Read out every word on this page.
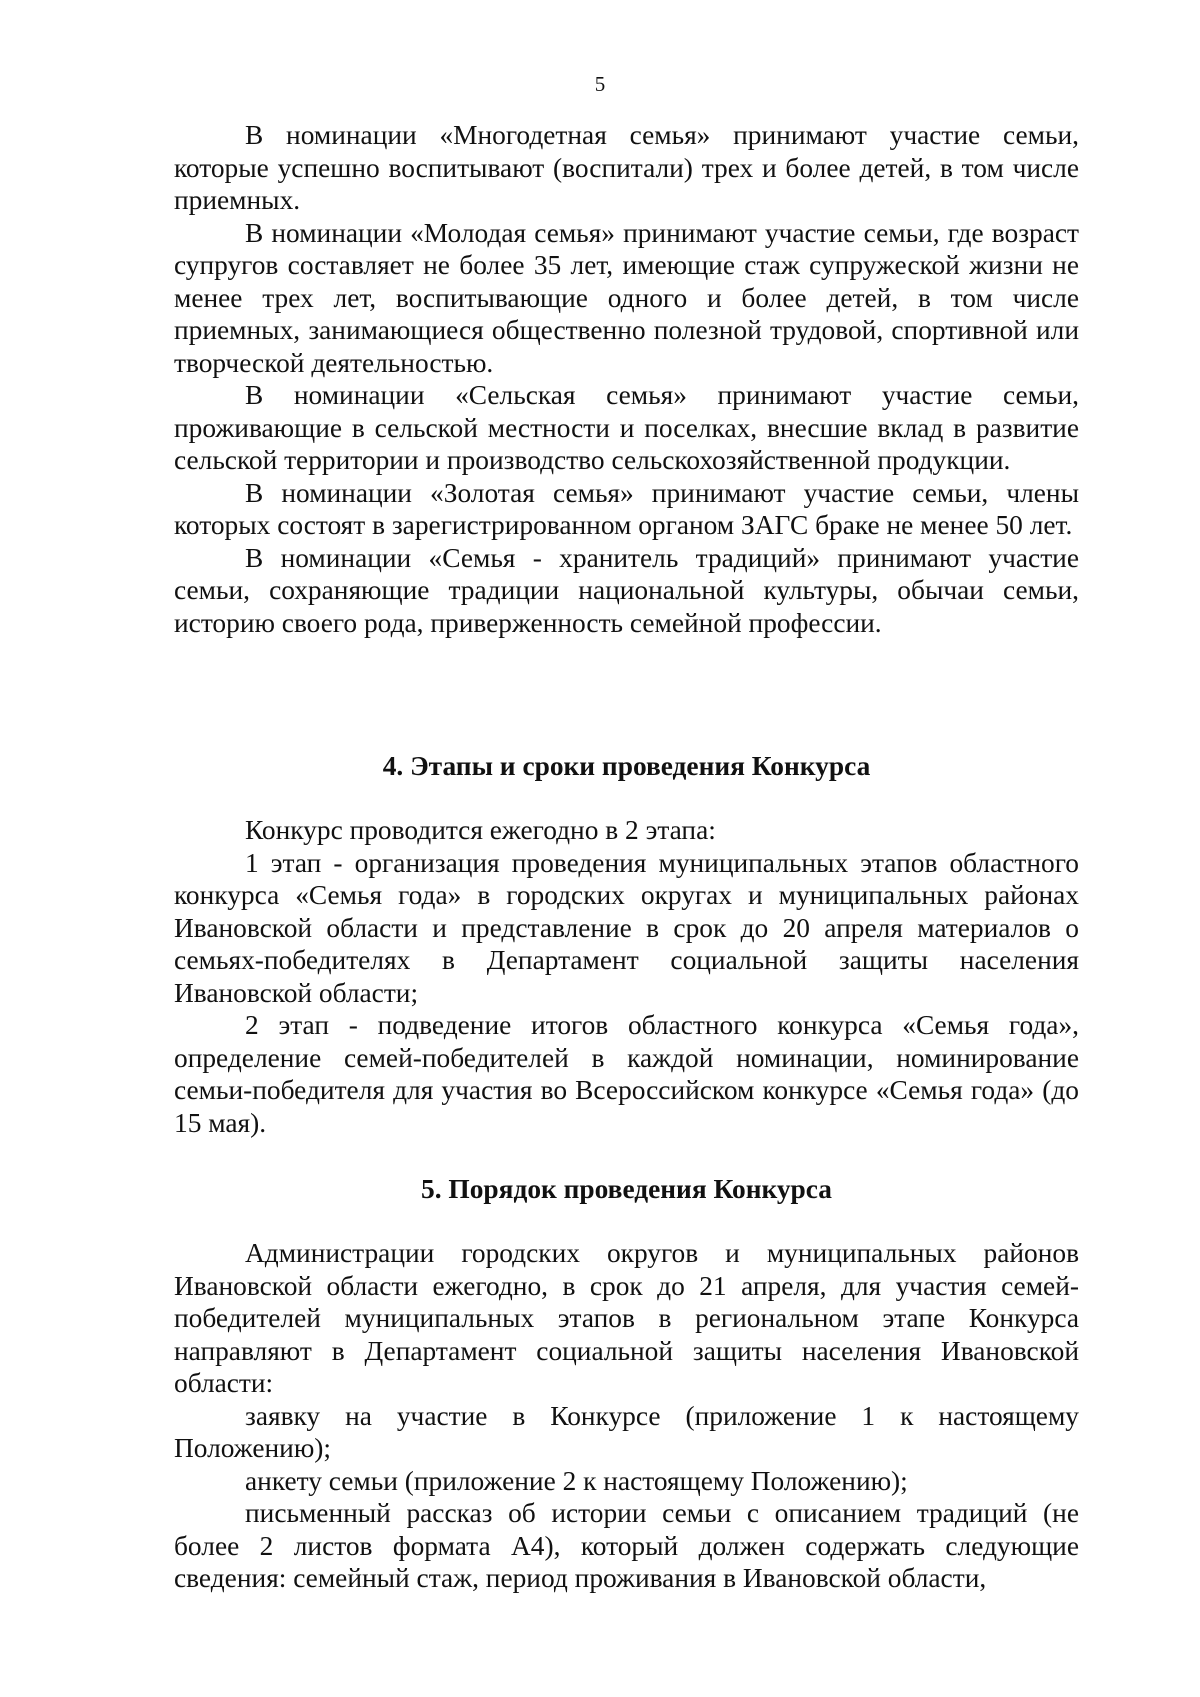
5

В номинации «Многодетная семья» принимают участие семьи, которые успешно воспитывают (воспитали) трех и более детей, в том числе приемных.

В номинации «Молодая семья» принимают участие семьи, где возраст супругов составляет не более 35 лет, имеющие стаж супружеской жизни не менее трех лет, воспитывающие одного и более детей, в том числе приемных, занимающиеся общественно полезной трудовой, спортивной или творческой деятельностью.

В номинации «Сельская семья» принимают участие семьи, проживающие в сельской местности и поселках, внесшие вклад в развитие сельской территории и производство сельскохозяйственной продукции.

В номинации «Золотая семья» принимают участие семьи, члены которых состоят в зарегистрированном органом ЗАГС браке не менее 50 лет.

В номинации «Семья - хранитель традиций» принимают участие семьи, сохраняющие традиции национальной культуры, обычаи семьи, историю своего рода, приверженность семейной профессии.

4. Этапы и сроки проведения Конкурса

Конкурс проводится ежегодно в 2 этапа:

1 этап - организация проведения муниципальных этапов областного конкурса «Семья года» в городских округах и муниципальных районах Ивановской области и представление в срок до 20 апреля материалов о семьях-победителях в Департамент социальной защиты населения Ивановской области;

2 этап - подведение итогов областного конкурса «Семья года», определение семей-победителей в каждой номинации, номинирование семьи-победителя для участия во Всероссийском конкурсе «Семья года» (до 15 мая).

5. Порядок проведения Конкурса

Администрации городских округов и муниципальных районов Ивановской области ежегодно, в срок до 21 апреля, для участия семей-победителей муниципальных этапов в региональном этапе Конкурса направляют в Департамент социальной защиты населения Ивановской области:

заявку на участие в Конкурсе (приложение 1 к настоящему Положению);

анкету семьи (приложение 2 к настоящему Положению);

письменный рассказ об истории семьи с описанием традиций (не более 2 листов формата А4), который должен содержать следующие сведения: семейный стаж, период проживания в Ивановской области,
